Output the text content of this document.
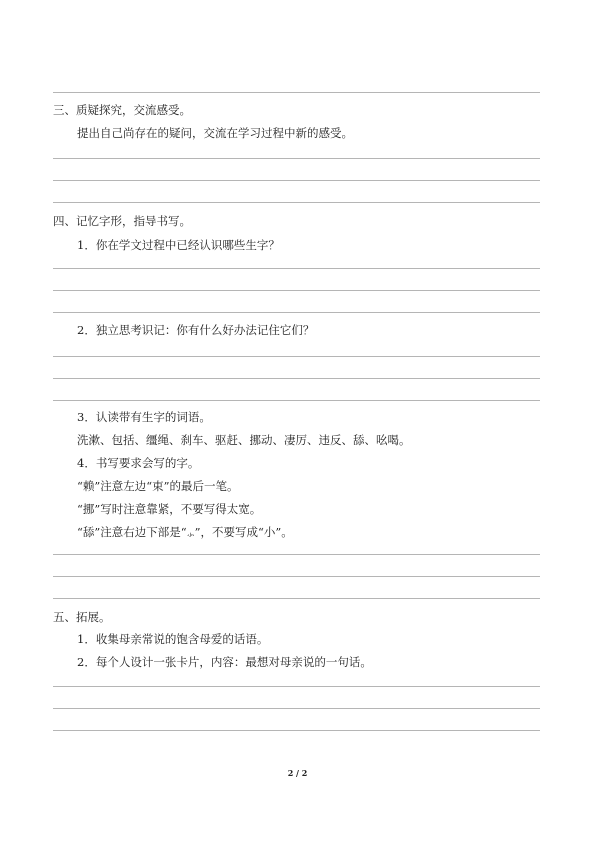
三、质疑探究，交流感受。
提出自己尚存在的疑问，交流在学习过程中新的感受。
四、记忆字形，指导书写。
1．你在学文过程中已经认识哪些生字？
2．独立思考识记：你有什么好办法记住它们？
3．认读带有生字的词语。
洗漱、包括、缰绳、刹车、驱赶、挪动、凄厉、违反、舔、吆喝。
4．书写要求会写的字。
“赖”注意左边“束”的最后一笔。
“挪”写时注意靠紧，不要写得太宽。
“舔”注意右边下部是“⺗”，不要写成“小”。
五、拓展。
1．收集母亲常说的饱含母爱的话语。
2．每个人设计一张卡片，内容：最想对母亲说的一句话。
2 / 2
